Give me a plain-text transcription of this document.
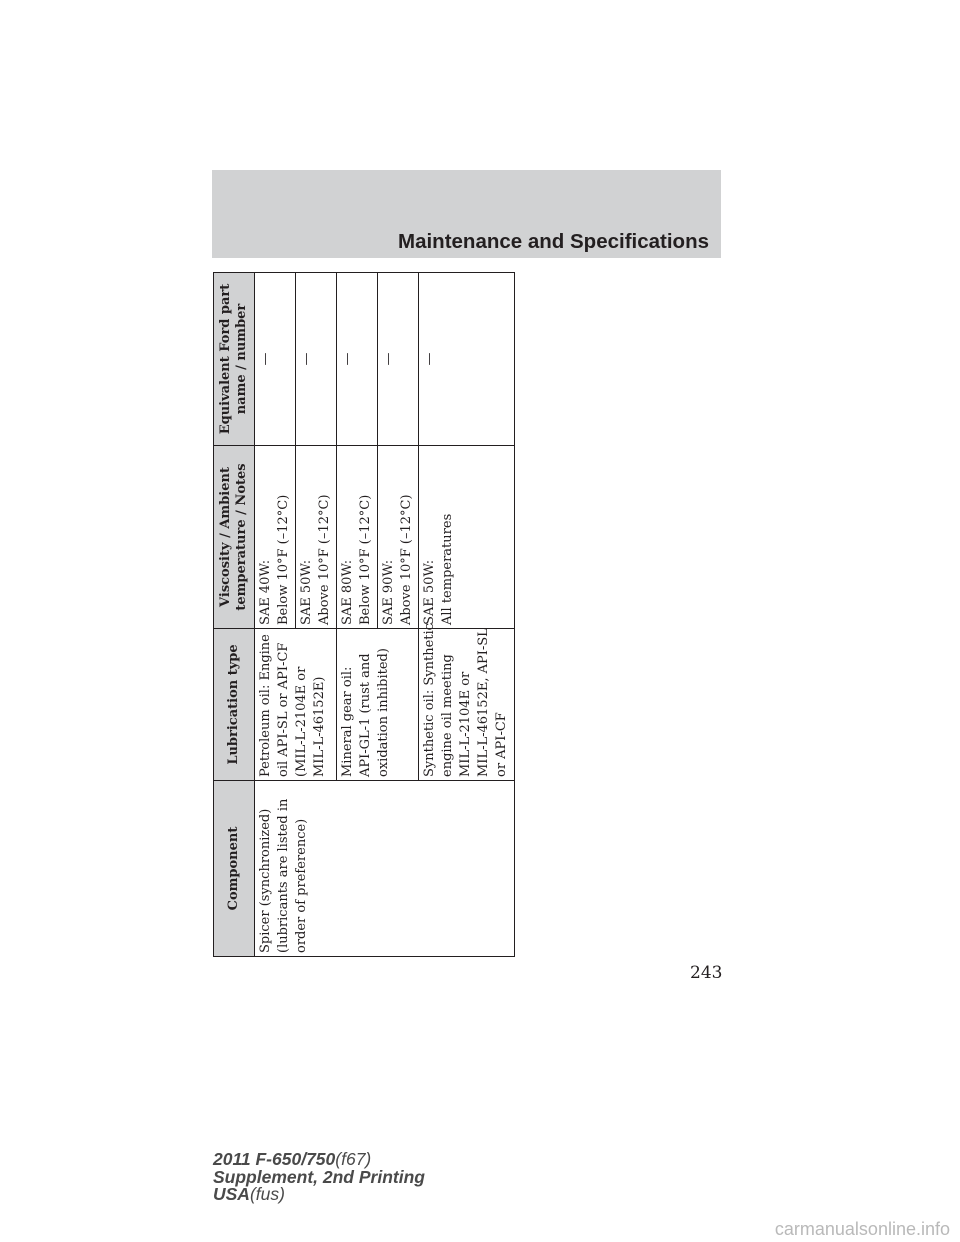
Maintenance and Specifications
Component	Lubrication type	Viscosity / Ambient temperature / Notes	Equivalent Ford part name / number

Spicer (synchronized) (lubricants are listed in order of preference)	Petroleum oil: Engine oil API-SL or API-CF (MIL-L-2104E or MIL-L-46152E)	SAE 40W: Below 10°F (–12°C)	—

		SAE 50W: Above 10°F (–12°C)	—

	Mineral gear oil: API-GL-1 (rust and oxidation inhibited)	SAE 80W: Below 10°F (–12°C)	—

		SAE 90W: Above 10°F (–12°C)	—

	Synthetic oil: Synthetic engine oil meeting MIL-L-2104E or MIL-L-46152E, API-SL or API-CF	SAE 50W: All temperatures	—
243
2011 F-650/750(f67)
Supplement, 2nd Printing
USA(fus)
carmanualsonline.info
